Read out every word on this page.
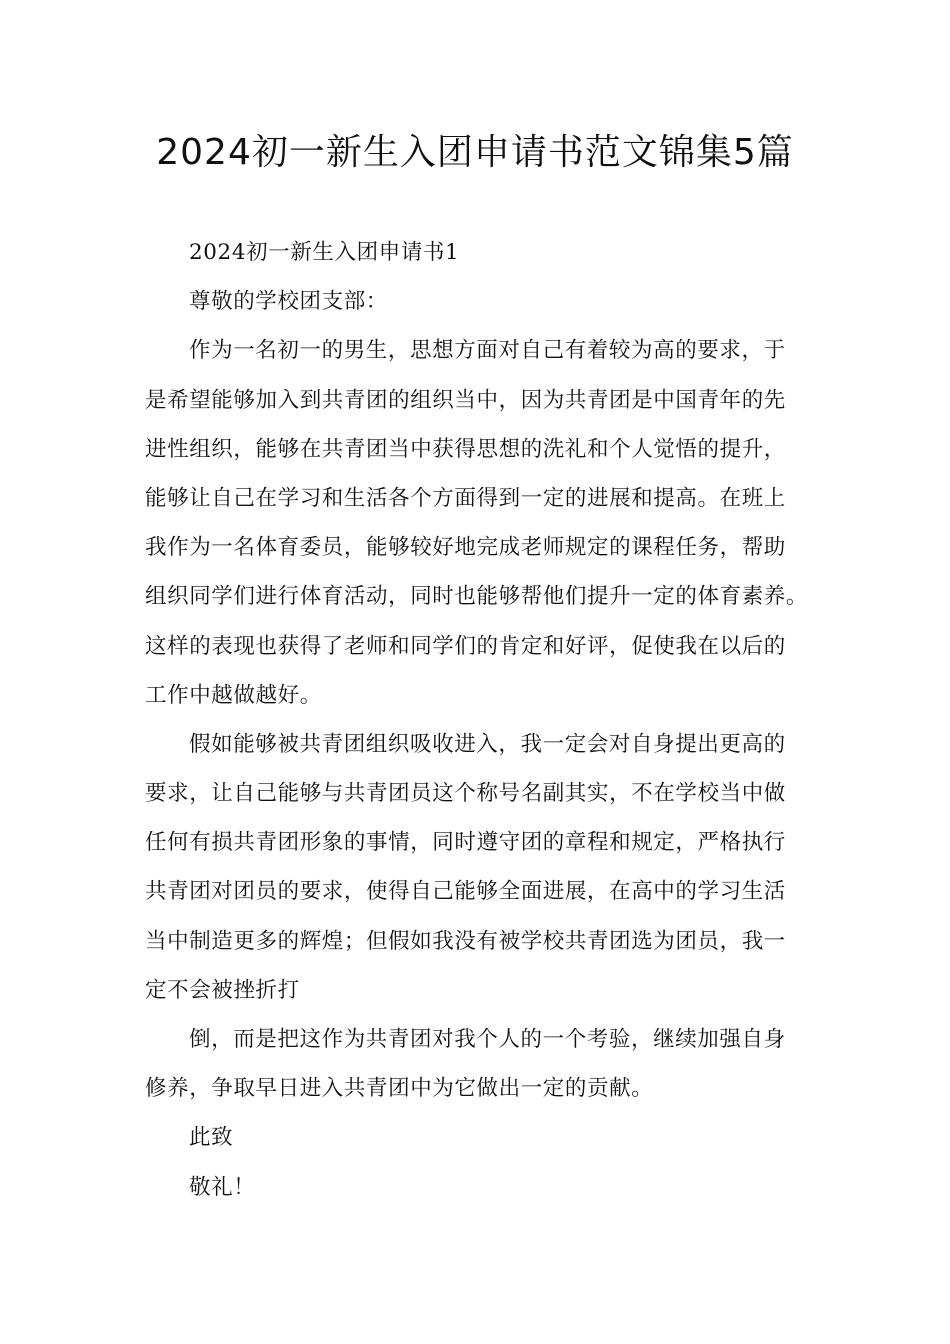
2024初一新生入团申请书范文锦集5篇
2024初一新生入团申请书1
尊敬的学校团支部：
作为一名初一的男生，思想方面对自己有着较为高的要求，于
是希望能够加入到共青团的组织当中，因为共青团是中国青年的先
进性组织，能够在共青团当中获得思想的洗礼和个人觉悟的提升，
能够让自己在学习和生活各个方面得到一定的进展和提高。在班上
我作为一名体育委员，能够较好地完成老师规定的课程任务，帮助
组织同学们进行体育活动，同时也能够帮他们提升一定的体育素养。
这样的表现也获得了老师和同学们的肯定和好评，促使我在以后的
工作中越做越好。
假如能够被共青团组织吸收进入，我一定会对自身提出更高的
要求，让自己能够与共青团员这个称号名副其实，不在学校当中做
任何有损共青团形象的事情，同时遵守团的章程和规定，严格执行
共青团对团员的要求，使得自己能够全面进展，在高中的学习生活
当中制造更多的辉煌；但假如我没有被学校共青团选为团员，我一
定不会被挫折打
倒，而是把这作为共青团对我个人的一个考验，继续加强自身
修养，争取早日进入共青团中为它做出一定的贡献。
此致
敬礼！
